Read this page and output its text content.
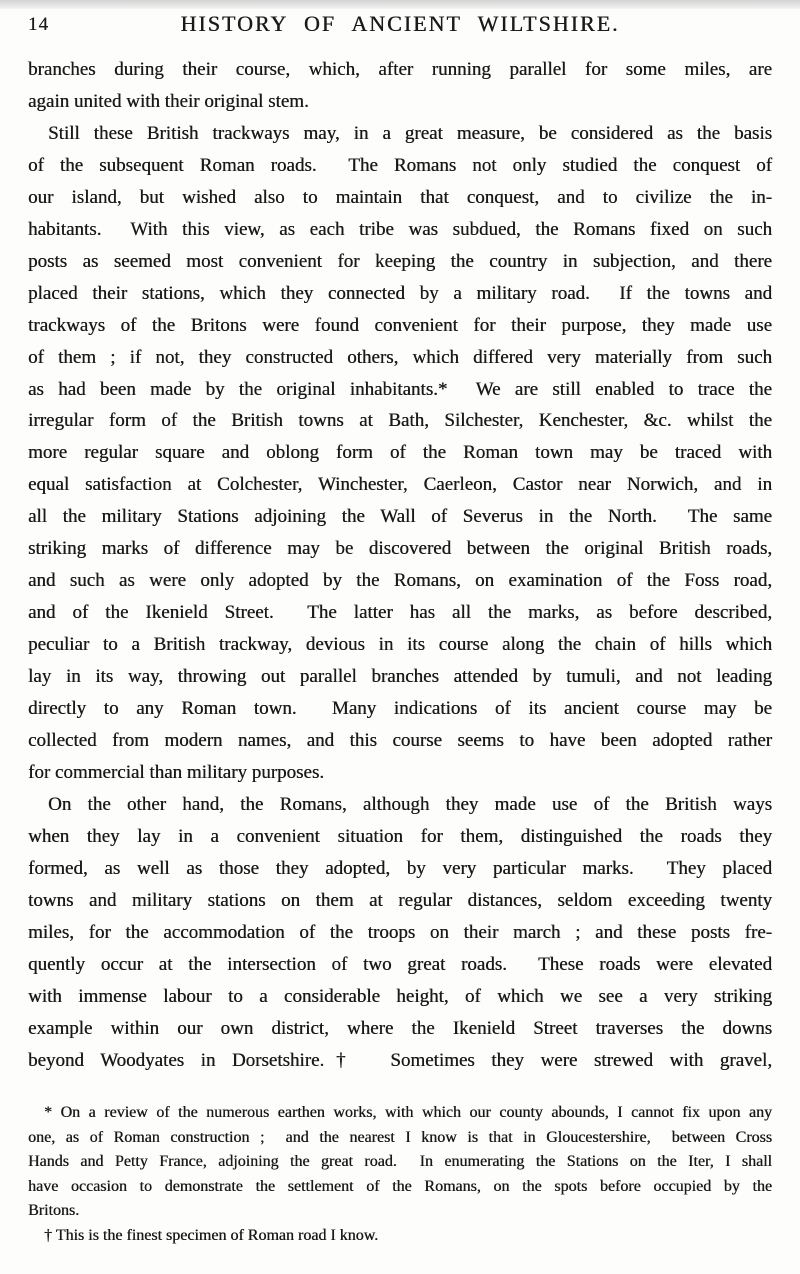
14	HISTORY OF ANCIENT WILTSHIRE.
branches during their course, which, after running parallel for some miles, are
again united with their original stem.
Still these British trackways may, in a great measure, be considered as the basis
of the subsequent Roman roads.  The Romans not only studied the conquest of
our island, but wished also to maintain that conquest, and to civilize the in-
habitants.  With this view, as each tribe was subdued, the Romans fixed on such
posts as seemed most convenient for keeping the country in subjection, and there
placed their stations, which they connected by a military road.  If the towns and
trackways of the Britons were found convenient for their purpose, they made use
of them ; if not, they constructed others, which differed very materially from such
as had been made by the original inhabitants.*  We are still enabled to trace the
irregular form of the British towns at Bath, Silchester, Kenchester, &c. whilst the
more regular square and oblong form of the Roman town may be traced with
equal satisfaction at Colchester, Winchester, Caerleon, Castor near Norwich, and in
all the military Stations adjoining the Wall of Severus in the North.  The same
striking marks of difference may be discovered between the original British roads,
and such as were only adopted by the Romans, on examination of the Foss road,
and of the Ikenield Street.  The latter has all the marks, as before described,
peculiar to a British trackway, devious in its course along the chain of hills which
lay in its way, throwing out parallel branches attended by tumuli, and not leading
directly to any Roman town.  Many indications of its ancient course may be
collected from modern names, and this course seems to have been adopted rather
for commercial than military purposes.
On the other hand, the Romans, although they made use of the British ways
when they lay in a convenient situation for them, distinguished the roads they
formed, as well as those they adopted, by very particular marks.  They placed
towns and military stations on them at regular distances, seldom exceeding twenty
miles, for the accommodation of the troops on their march ; and these posts fre-
quently occur at the intersection of two great roads.  These roads were elevated
with immense labour to a considerable height, of which we see a very striking
example within our own district, where the Ikenield Street traverses the downs
beyond Woodyates in Dorsetshire.†  Sometimes they were strewed with gravel,
* On a review of the numerous earthen works, with which our county abounds, I cannot fix upon any
one, as of Roman construction ;  and the nearest I know is that in Gloucestershire,  between Cross
Hands and Petty France, adjoining the great road.  In enumerating the Stations on the Iter, I shall
have occasion to demonstrate the settlement of the Romans, on the spots before occupied by the
Britons.
† This is the finest specimen of Roman road I know.
